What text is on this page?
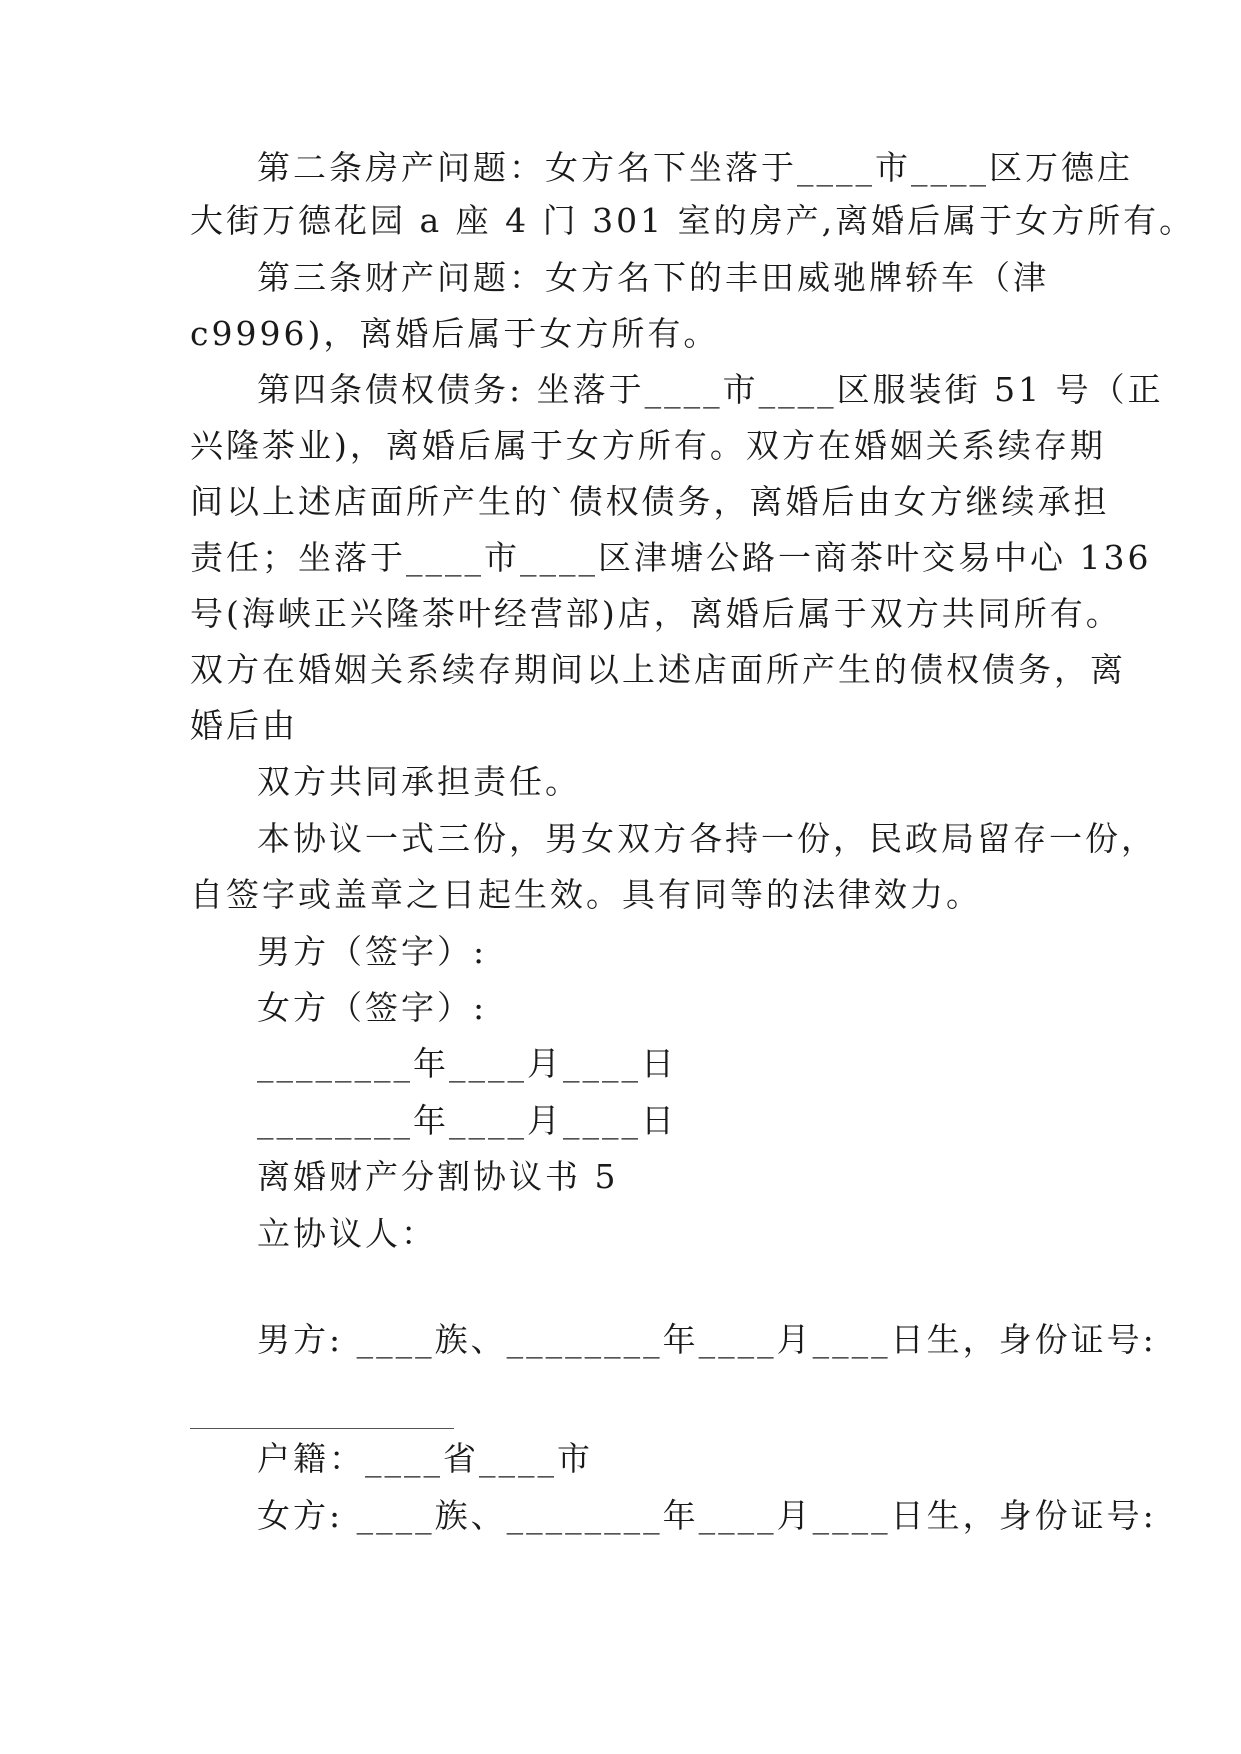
第二条房产问题：女方名下坐落于____市____区万德庄
大街万德花园 a 座 4 门 301 室的房产,离婚后属于女方所有。
第三条财产问题：女方名下的丰田威驰牌轿车（津
c9996)，离婚后属于女方所有。
第四条债权债务: 坐落于____市____区服装街 51 号（正
兴隆茶业)，离婚后属于女方所有。双方在婚姻关系续存期
间以上述店面所产生的`债权债务，离婚后由女方继续承担
责任；坐落于____市____区津塘公路一商茶叶交易中心 136
号(海峡正兴隆茶叶经营部)店，离婚后属于双方共同所有。
双方在婚姻关系续存期间以上述店面所产生的债权债务，离
婚后由
双方共同承担责任。
本协议一式三份，男女双方各持一份，民政局留存一份，
自签字或盖章之日起生效。具有同等的法律效力。
男方（签字）:
女方（签字）:
________年____月____日
________年____月____日
离婚财产分割协议书 5
立协议人：
男方: ____族、________年____月____日生，身份证号:
户籍：____省____市
女方: ____族、________年____月____日生，身份证号:
